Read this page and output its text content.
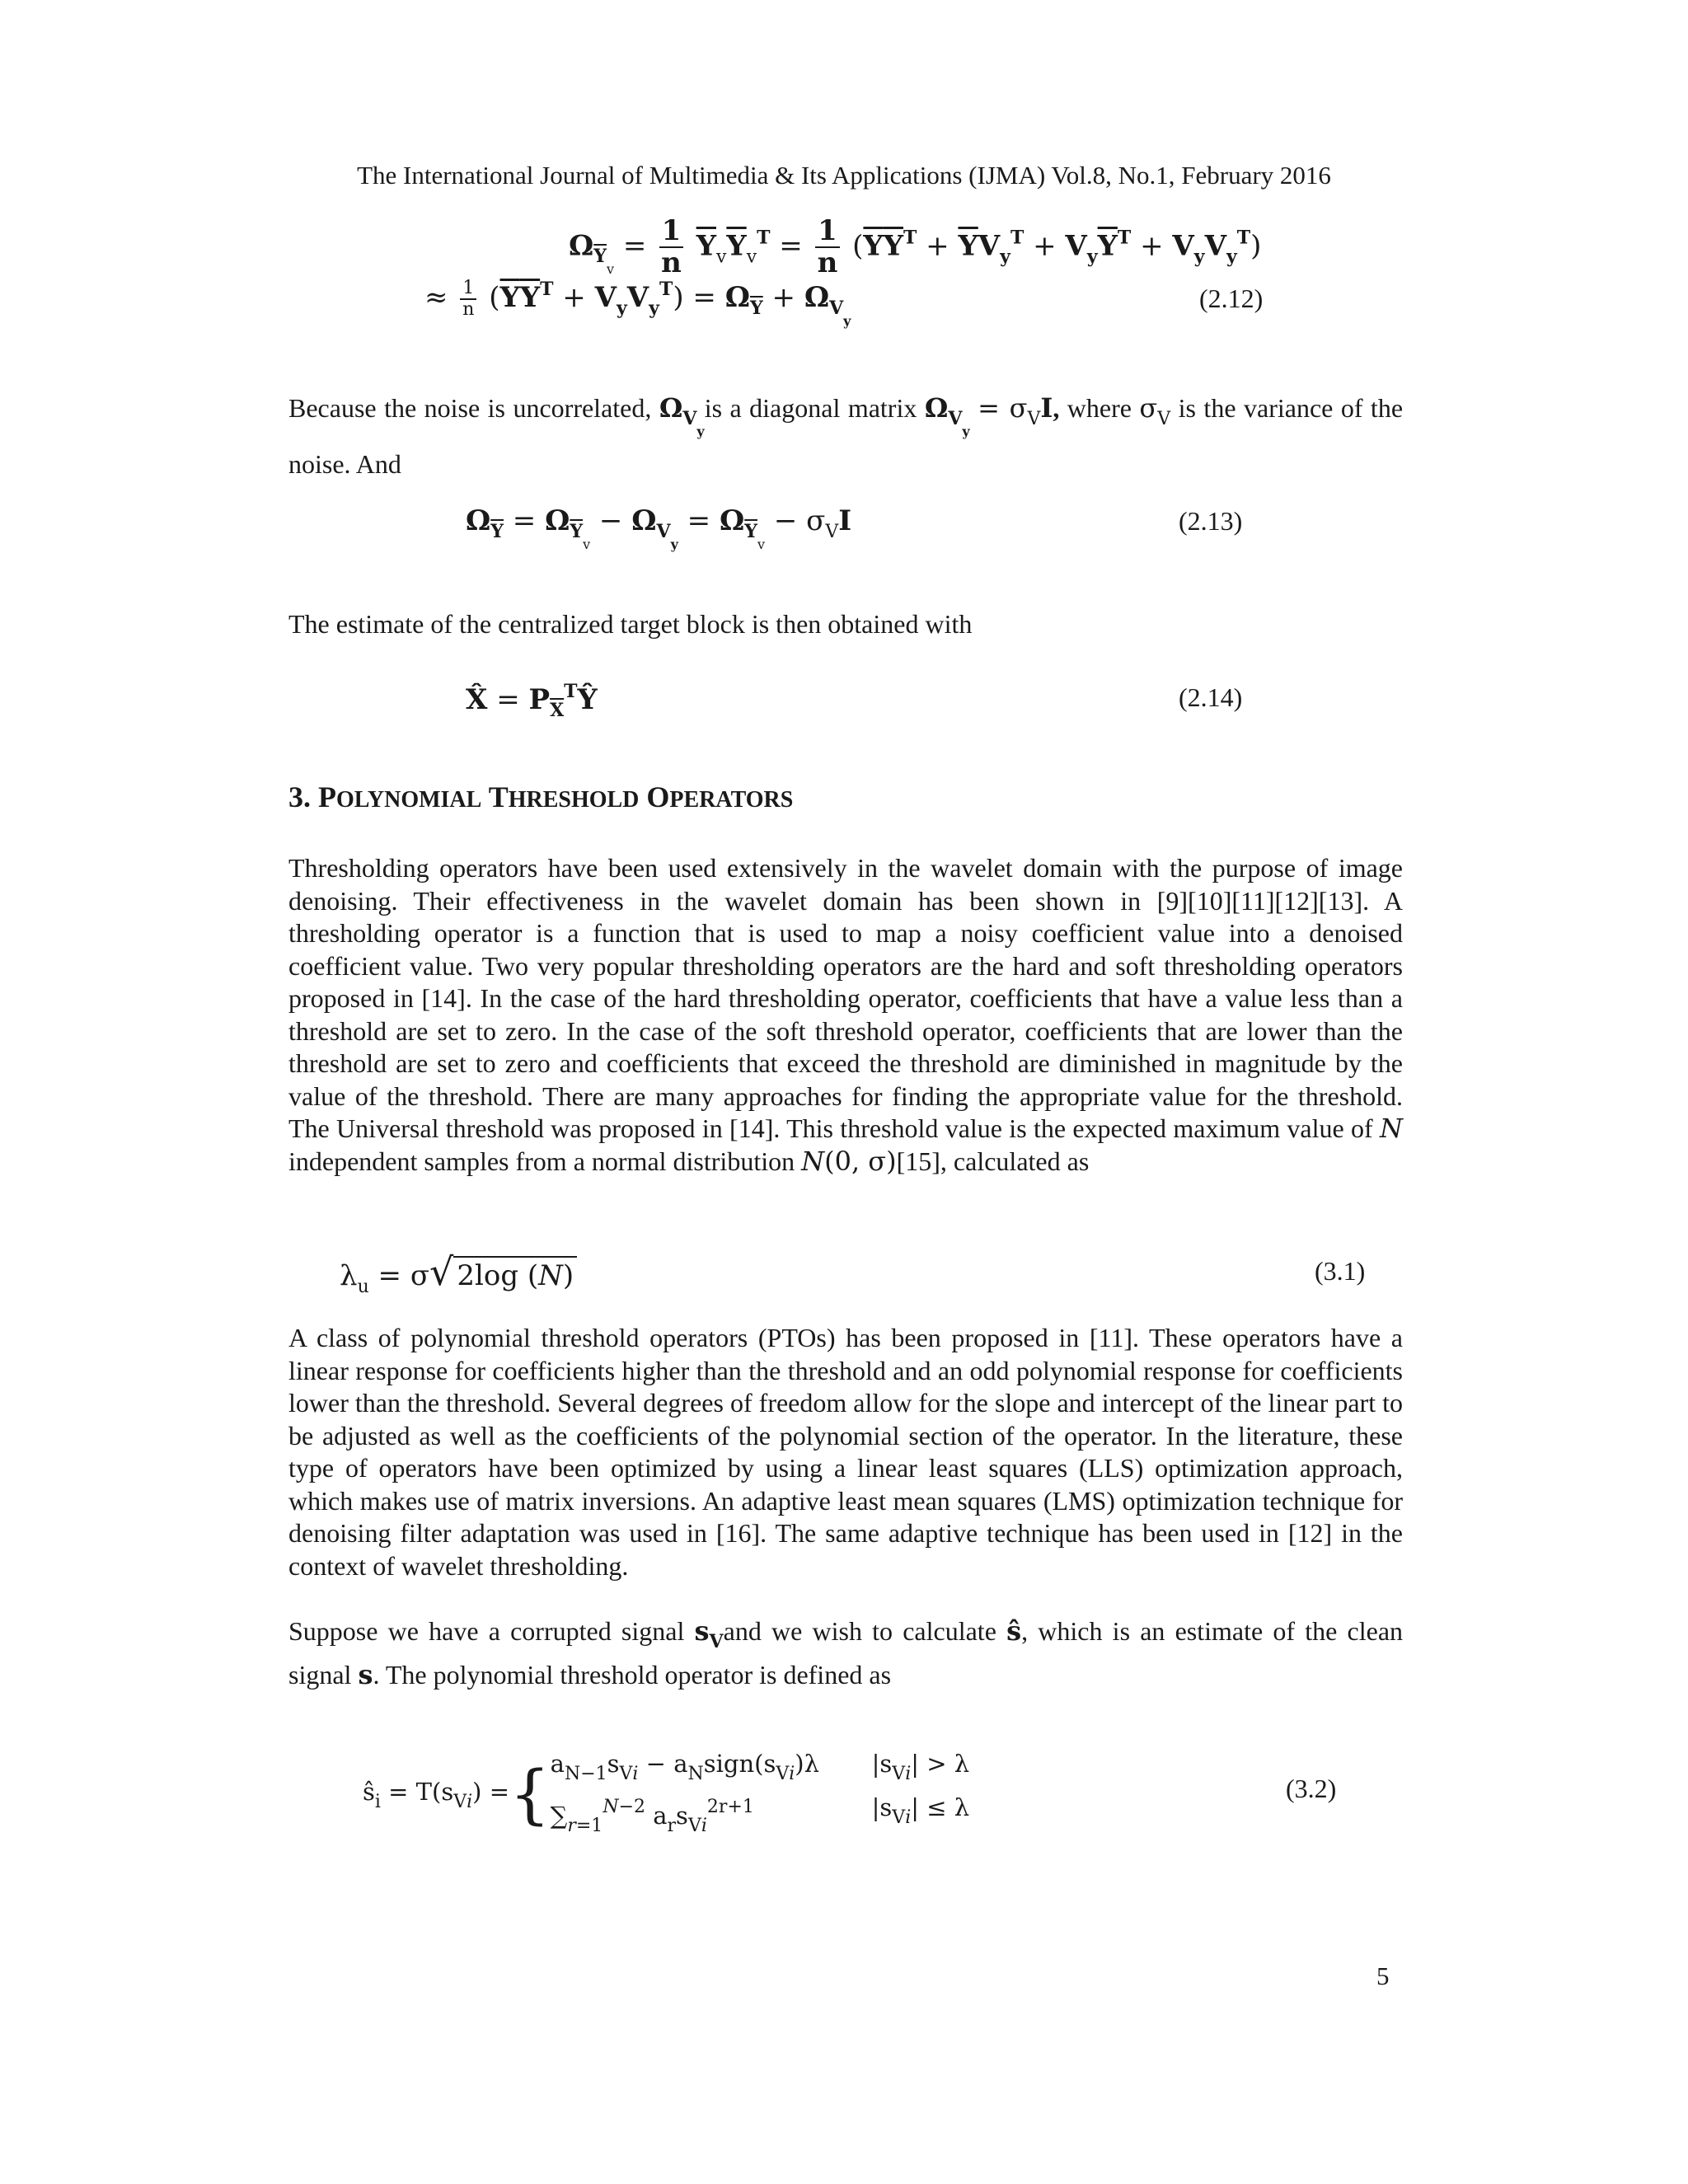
The International Journal of Multimedia & Its Applications (IJMA) Vol.8, No.1, February 2016
$\Omega_{\overline{Y}_v} = \frac{1}{n} \overline{Y}_v\overline{Y}_v^T = \frac{1}{n} (\overline{Y}\overline{Y}^T + \overline{Y}V_y^T + V_y\overline{Y}^T + V_yV_y^T)$
≈ $\frac{1}{n} (\overline{Y}\overline{Y}^T + V_yV_y^T) = \Omega_{\overline{Y}} + \Omega_{V_y}$
(2.12)
Because the noise is uncorrelated, $\Omega_{V_y}is$ a diagonal matrix $\Omega_{V_y} = \sigma_VI$, where $\sigma_V$ is the variance of the noise. And
$\Omega_{\overline{Y}} = \Omega_{\overline{Y}_v} - \Omega_{V_y} = \Omega_{\overline{Y}_v} - \sigma_VI$	(2.13)
The estimate of the centralized target block is then obtained with
X̂ = $P_{\overline{X}}^TŶ$	(2.14)
3. POLYNOMIAL THRESHOLD OPERATORS
Thresholding operators have been used extensively in the wavelet domain with the purpose of image denoising. Their effectiveness in the wavelet domain has been shown in [9][10][11][12][13]. A thresholding operator is a function that is used to map a noisy coefficient value into a denoised coefficient value. Two very popular thresholding operators are the hard and soft thresholding operators proposed in [14]. In the case of the hard thresholding operator, coefficients that have a value less than a threshold are set to zero. In the case of the soft threshold operator, coefficients that are lower than the threshold are set to zero and coefficients that exceed the threshold are diminished in magnitude by the value of the threshold. There are many approaches for finding the appropriate value for the threshold. The Universal threshold was proposed in [14]. This threshold value is the expected maximum value of N independent samples from a normal distribution N(0, σ)[15], calculated as
$\lambda_u = \sigma√$ 2log (N)	(3.1)
A class of polynomial threshold operators (PTOs) has been proposed in [11]. These operators have a linear response for coefficients higher than the threshold and an odd polynomial response for coefficients lower than the threshold. Several degrees of freedom allow for the slope and intercept of the linear part to be adjusted as well as the coefficients of the polynomial section of the operator. In the literature, these type of operators have been optimized by using a linear least squares (LLS) optimization approach, which makes use of matrix inversions. An adaptive least mean squares (LMS) optimization technique for denoising filter adaptation was used in [16]. The same adaptive technique has been used in [12] in the context of wavelet thresholding.
Suppose we have a corrupted signal $s_Vand$ we wish to calculate ŝ, which is an estimate of the clean signal s. The polynomial threshold operator is defined as
$ŝ_i = T(s_{Vi})$ ={ $a_{N-1}s_{Vi}$ − $a_Nsign(s_{Vi})\lambda$	$|s_{Vi}| > \lambda$
$\sum_{r=1}^{N-2}$ $a_rs_{Vi}^{2r+1}$	$|s_{Vi}| \le \lambda$
(3.2)
5
